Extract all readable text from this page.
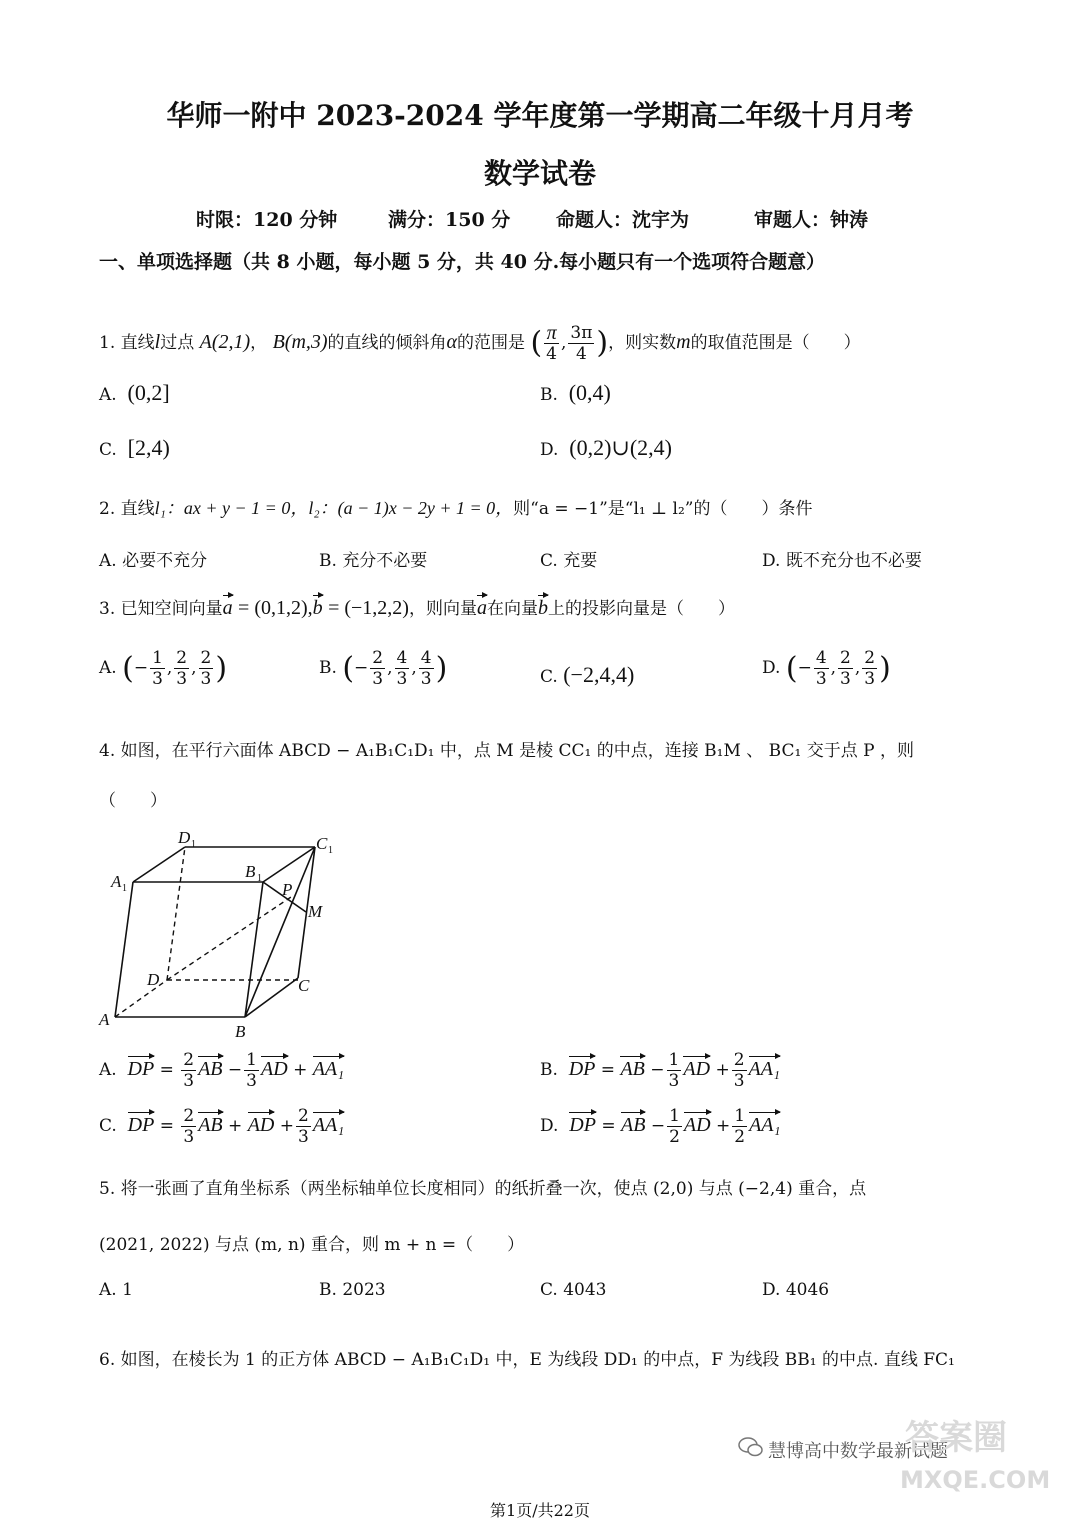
华师一附中 2023-2024 学年度第一学期高二年级十月月考
数学试卷
时限：120 分钟	满分：150 分 命题人：沈宇为	审题人：钟涛
一、单项选择题（共 8 小题，每小题 5 分，共 40 分.每小题只有一个选项符合题意）
1. 直线l过点 A(2,1)， B(m,3)的直线的倾斜角α的范围是 ( $\frac{\pi}{4}$ , $\frac{3\pi}{4}$ )，则实数m的取值范围是（　　）
A. (0,2]	B. (0,4)
C. [2,4)	D. (0,2)∪(2,4)
2. 直线l₁：ax + y − 1 = 0，l₂：(a − 1)x − 2y + 1 = 0，则“a = −1”是“l₁ ⊥ l₂”的（　　）条件
A. 必要不充分	B. 充分不必要	C. 充要	D. 既不充分也不必要
3. 已知空间向量a = (0,1,2),b = (−1,2,2)，则向量a在向量b上的投影向量是（　　）
A. (− $\frac{1}{3}$ , $\frac{2}{3}$ , $\frac{2}{3}$ )	B. (− $\frac{2}{3}$ , $\frac{4}{3}$ , $\frac{4}{3}$ )	C. (−2,4,4)	D. (− $\frac{4}{3}$ , $\frac{2}{3}$ , $\frac{2}{3}$ )
4. 如图，在平行六面体 ABCD − A₁B₁C₁D₁ 中，点 M 是棱 CC₁ 的中点，连接 B₁M 、 BC₁ 交于点 P ，则
（　　）
A
B
C
D
A 1
B 1
C 1
D 1
P
M
A. DP = $\frac{2}{3}$ AB − $\frac{1}{3}$ AD + AA₁	B. DP = AB − $\frac{1}{3}$ AD + $\frac{2}{3} AA_1$
C. DP = $\frac{2}{3}$ AB + AD + $\frac{2}{3} AA_1$	D. DP = AB − $\frac{1}{2}$ AD + $\frac{1}{2} AA_1$
5. 将一张画了直角坐标系（两坐标轴单位长度相同）的纸折叠一次，使点 (2,0) 与点 (−2,4) 重合，点
(2021, 2022) 与点 (m, n) 重合，则 m + n =（　　）
A. 1	B. 2023	C. 4043	D. 4046
6. 如图，在棱长为 1 的正方体 ABCD − A₁B₁C₁D₁ 中，E 为线段 DD₁ 的中点，F 为线段 BB₁ 的中点. 直线 FC₁
慧博高中数学最新试题
答案圈
MXQE.COM
第1页/共22页
